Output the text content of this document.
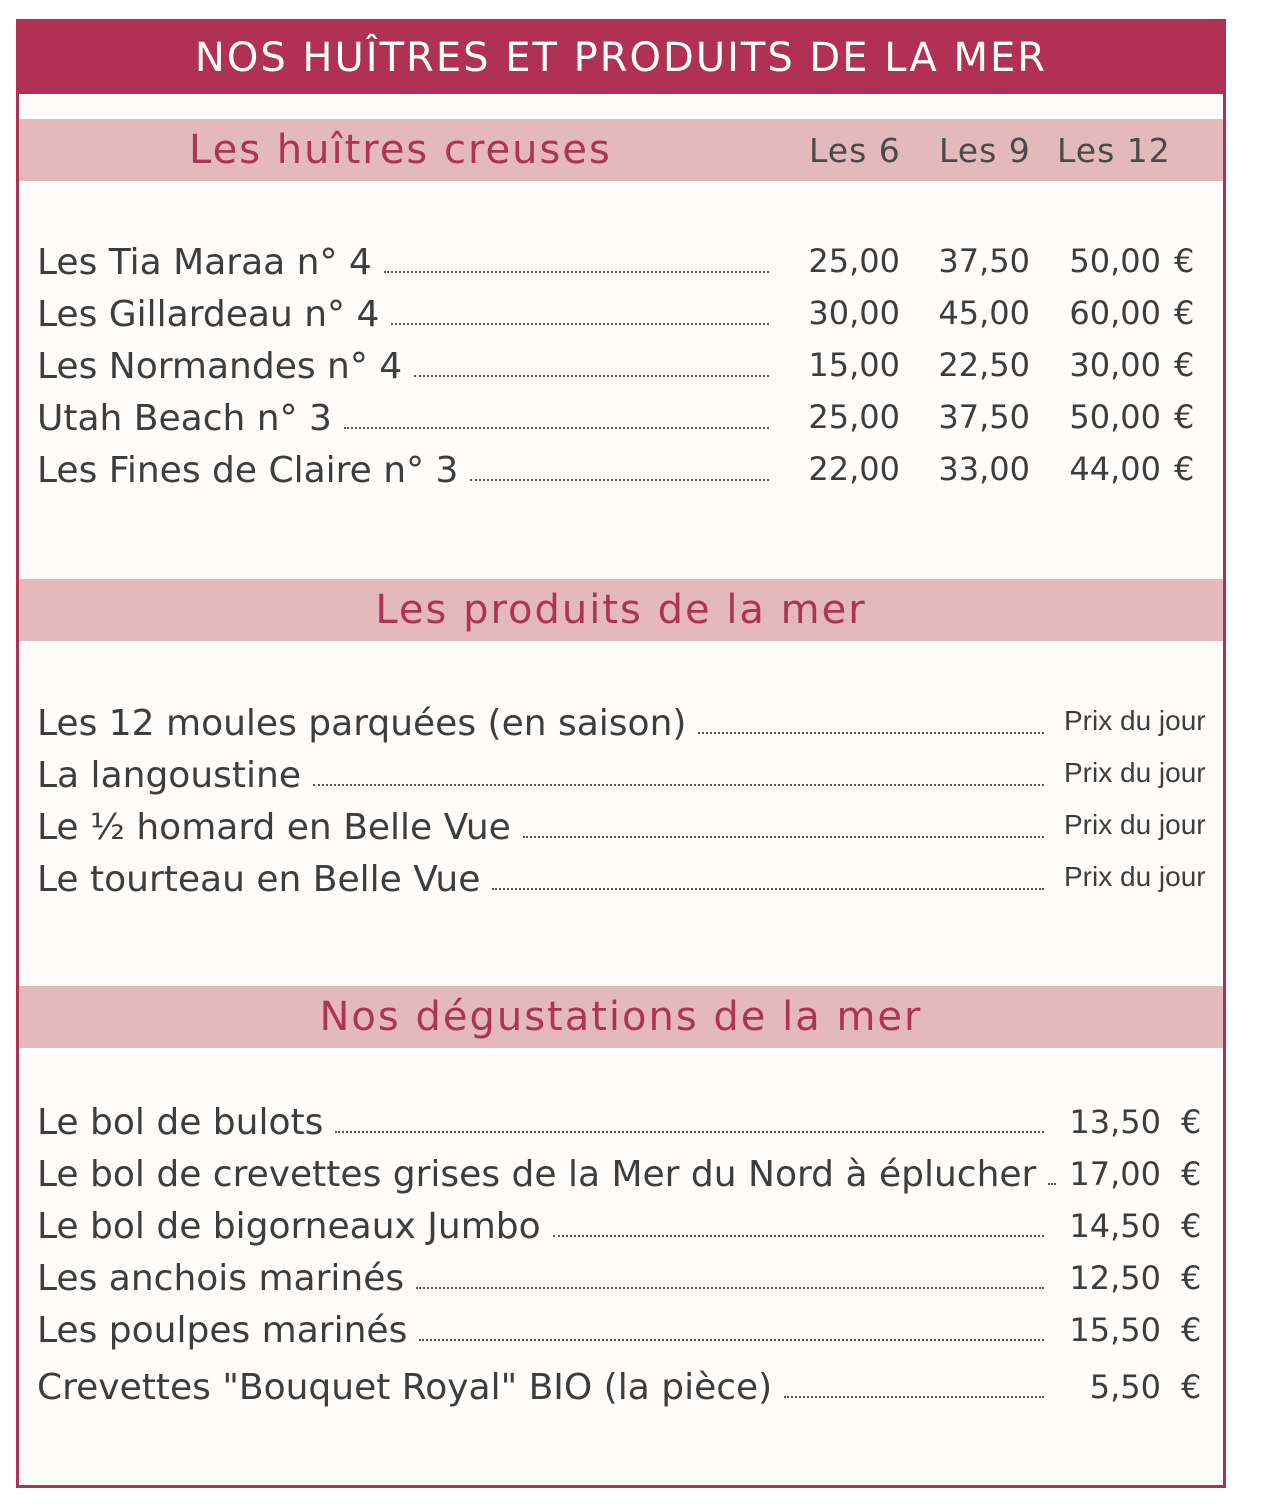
NOS HUÎTRES ET PRODUITS DE LA MER
Les huîtres creuses	Les 6 Les 9 Les 12
Les Tia Maraa n° 4	25,00 37,50 50,00 €
Les Gillardeau n° 4	30,00 45,00 60,00 €
Les Normandes n° 4	15,00 22,50 30,00 €
Utah Beach n° 3	25,00 37,50 50,00 €
Les Fines de Claire n° 3	22,00 33,00 44,00 €
Les produits de la mer
Les 12 moules parquées (en saison)	Prix du jour
La langoustine	Prix du jour
Le ½ homard en Belle Vue	Prix du jour
Le tourteau en Belle Vue	Prix du jour
Nos dégustations de la mer
Le bol de bulots	13,50 €
Le bol de crevettes grises de la Mer du Nord à éplucher 17,00 €
Le bol de bigorneaux Jumbo	14,50 €
Les anchois marinés	12,50 €
Les poulpes marinés	15,50 €
Crevettes "Bouquet Royal" BIO (la pièce)	5,50 €
